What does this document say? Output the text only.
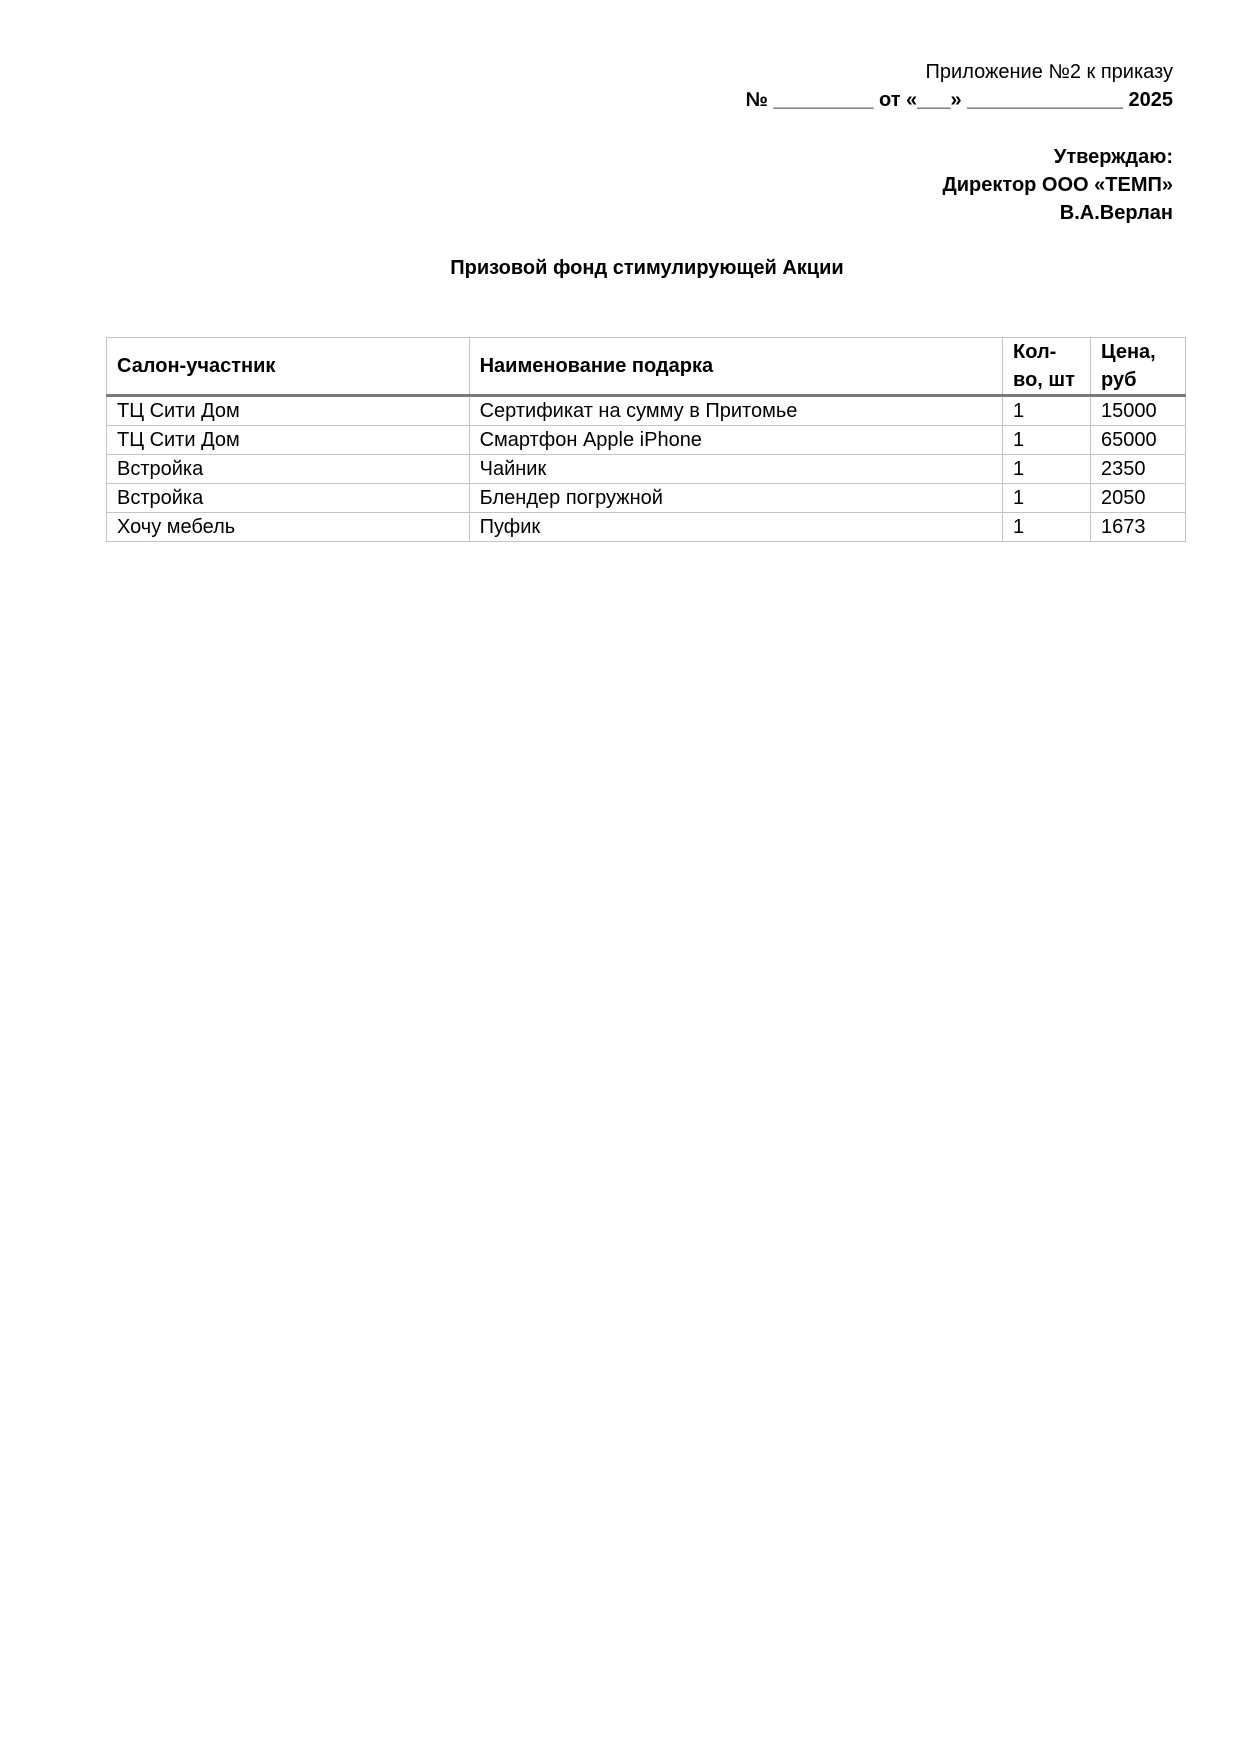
Приложение №2 к приказу
№ _________ от «___» ______________ 2025
Утверждаю:
Директор ООО «ТЕМП»
В.А.Верлан
Призовой фонд стимулирующей Акции
Салон-участник	Наименование подарка	Кол-во, шт	Цена, руб
ТЦ Сити Дом	Сертификат на сумму в Притомье	1	15000
ТЦ Сити Дом	Смартфон Apple iPhone	1	65000
Встройка	Чайник	1	2350
Встройка	Блендер погружной	1	2050
Хочу мебель	Пуфик	1	1673
